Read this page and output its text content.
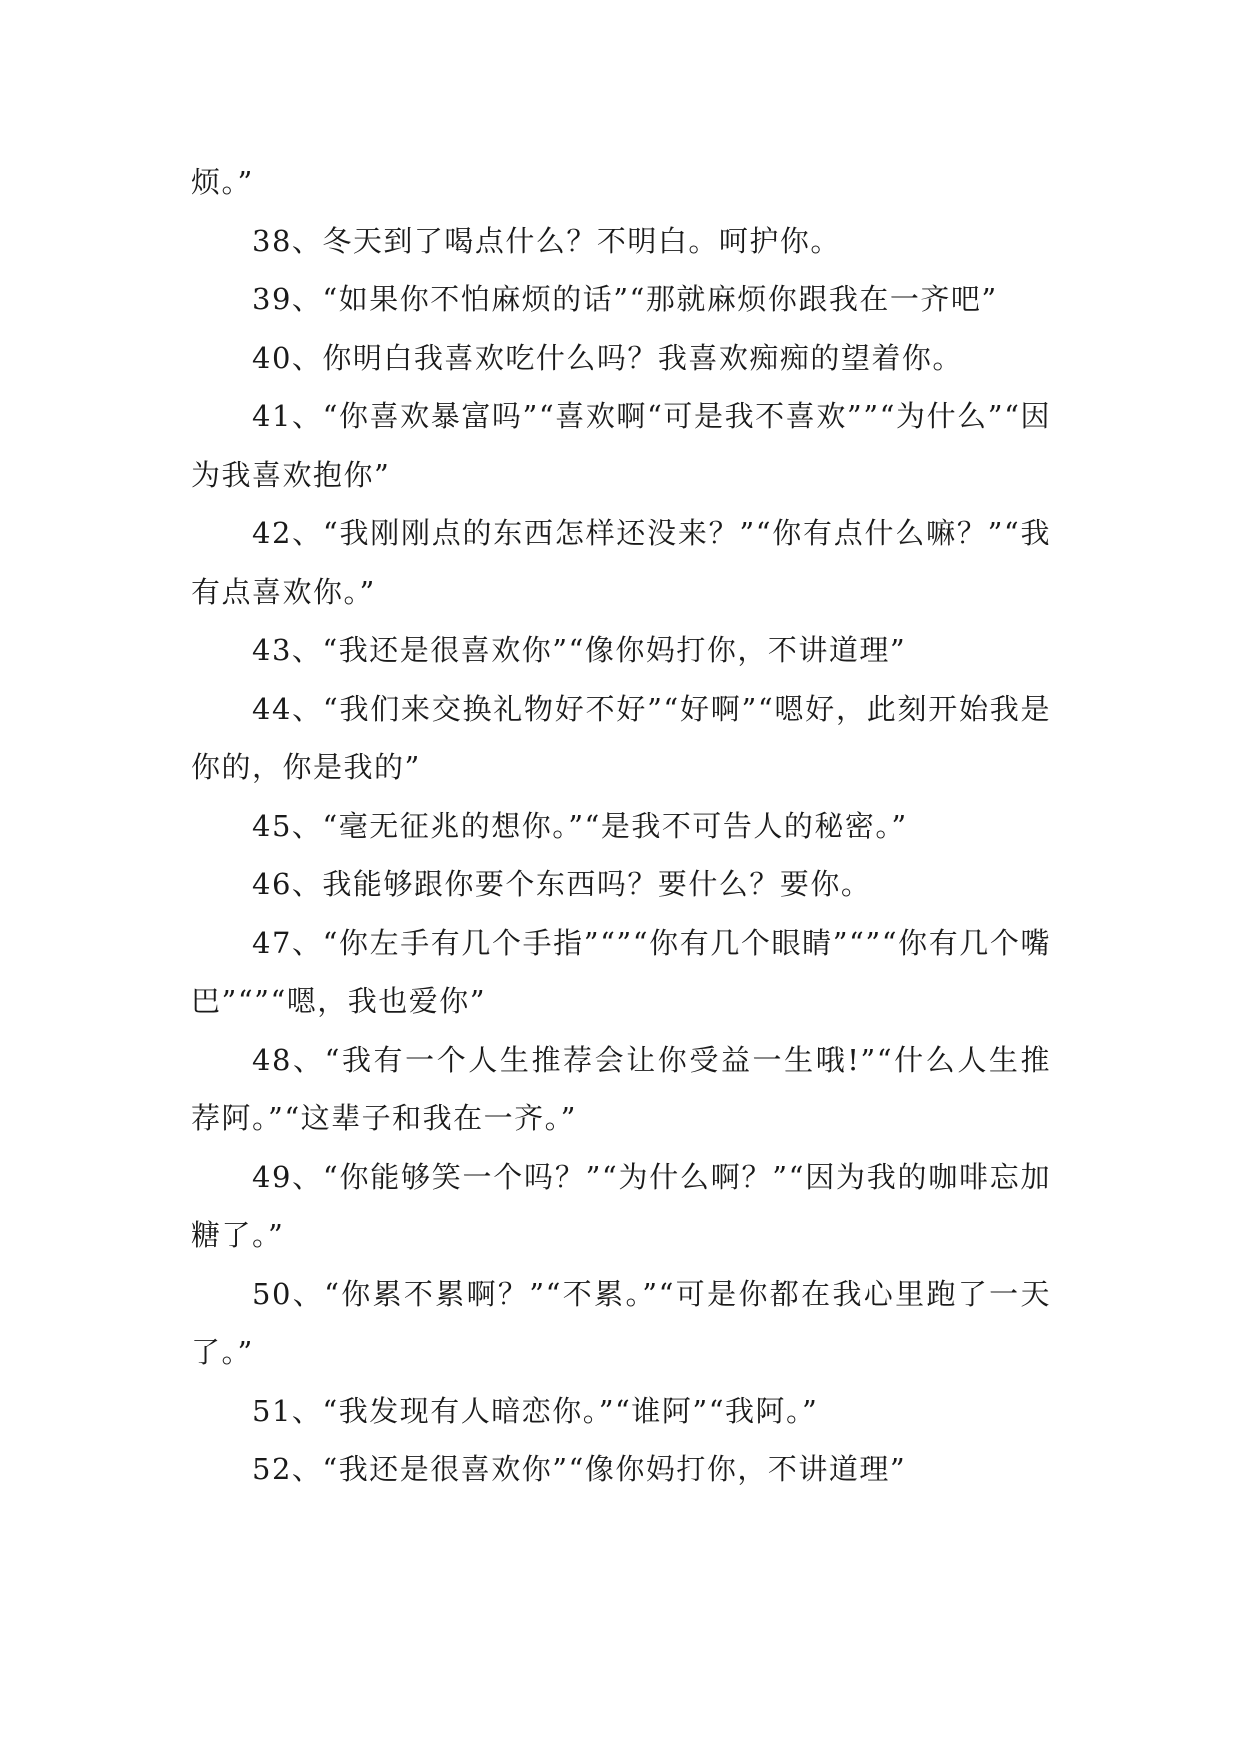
烦。”

38、冬天到了喝点什么？不明白。呵护你。

39、“如果你不怕麻烦的话”“那就麻烦你跟我在一齐吧”

40、你明白我喜欢吃什么吗？我喜欢痴痴的望着你。

41、“你喜欢暴富吗”“喜欢啊“可是我不喜欢””“为什么”“因为我喜欢抱你”

42、“我刚刚点的东西怎样还没来？”“你有点什么嘛？”“我有点喜欢你。”

43、“我还是很喜欢你”“像你妈打你，不讲道理”

44、“我们来交换礼物好不好”“好啊”“嗯好，此刻开始我是你的，你是我的”

45、“毫无征兆的想你。”“是我不可告人的秘密。”

46、我能够跟你要个东西吗？要什么？要你。

47、“你左手有几个手指”“”“你有几个眼睛”“”“你有几个嘴巴”“”“嗯，我也爱你”

48、“我有一个人生推荐会让你受益一生哦!”“什么人生推荐阿。”“这辈子和我在一齐。”

49、“你能够笑一个吗？”“为什么啊？”“因为我的咖啡忘加糖了。”

50、“你累不累啊？”“不累。”“可是你都在我心里跑了一天了。”

51、“我发现有人暗恋你。”“谁阿”“我阿。”

52、“我还是很喜欢你”“像你妈打你，不讲道理”
